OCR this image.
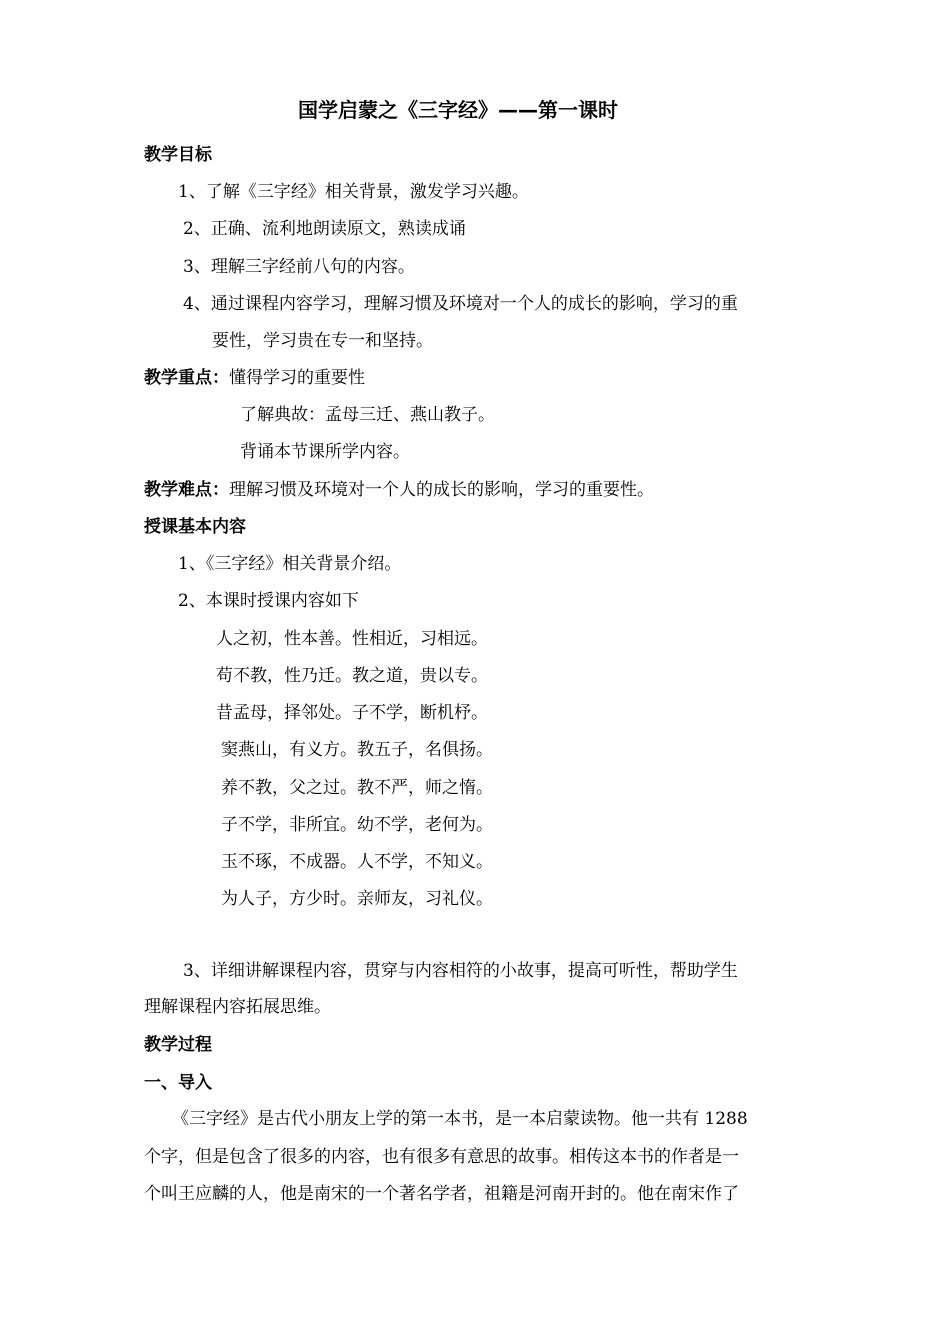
国学启蒙之《三字经》——第一课时
教学目标
1、了解《三字经》相关背景，激发学习兴趣。
2、正确、流利地朗读原文，熟读成诵
3、理解三字经前八句的内容。
4、通过课程内容学习，理解习惯及环境对一个人的成长的影响，学习的重
要性，学习贵在专一和坚持。
教学重点：懂得学习的重要性
了解典故：孟母三迁、燕山教子。
背诵本节课所学内容。
教学难点：理解习惯及环境对一个人的成长的影响，学习的重要性。
授课基本内容
1、《三字经》相关背景介绍。
2、本课时授课内容如下
人之初，性本善。性相近，习相远。
苟不教，性乃迁。教之道，贵以专。
昔孟母，择邻处。子不学，断机杼。
窦燕山，有义方。教五子，名俱扬。
养不教，父之过。教不严，师之惰。
子不学，非所宜。幼不学，老何为。
玉不琢，不成器。人不学，不知义。
为人子，方少时。亲师友，习礼仪。
3、详细讲解课程内容，贯穿与内容相符的小故事，提高可听性，帮助学生
理解课程内容拓展思维。
教学过程
一、导入
《三字经》是古代小朋友上学的第一本书，是一本启蒙读物。他一共有 1288
个字，但是包含了很多的内容，也有很多有意思的故事。相传这本书的作者是一
个叫王应麟的人，他是南宋的一个著名学者，祖籍是河南开封的。他在南宋作了
